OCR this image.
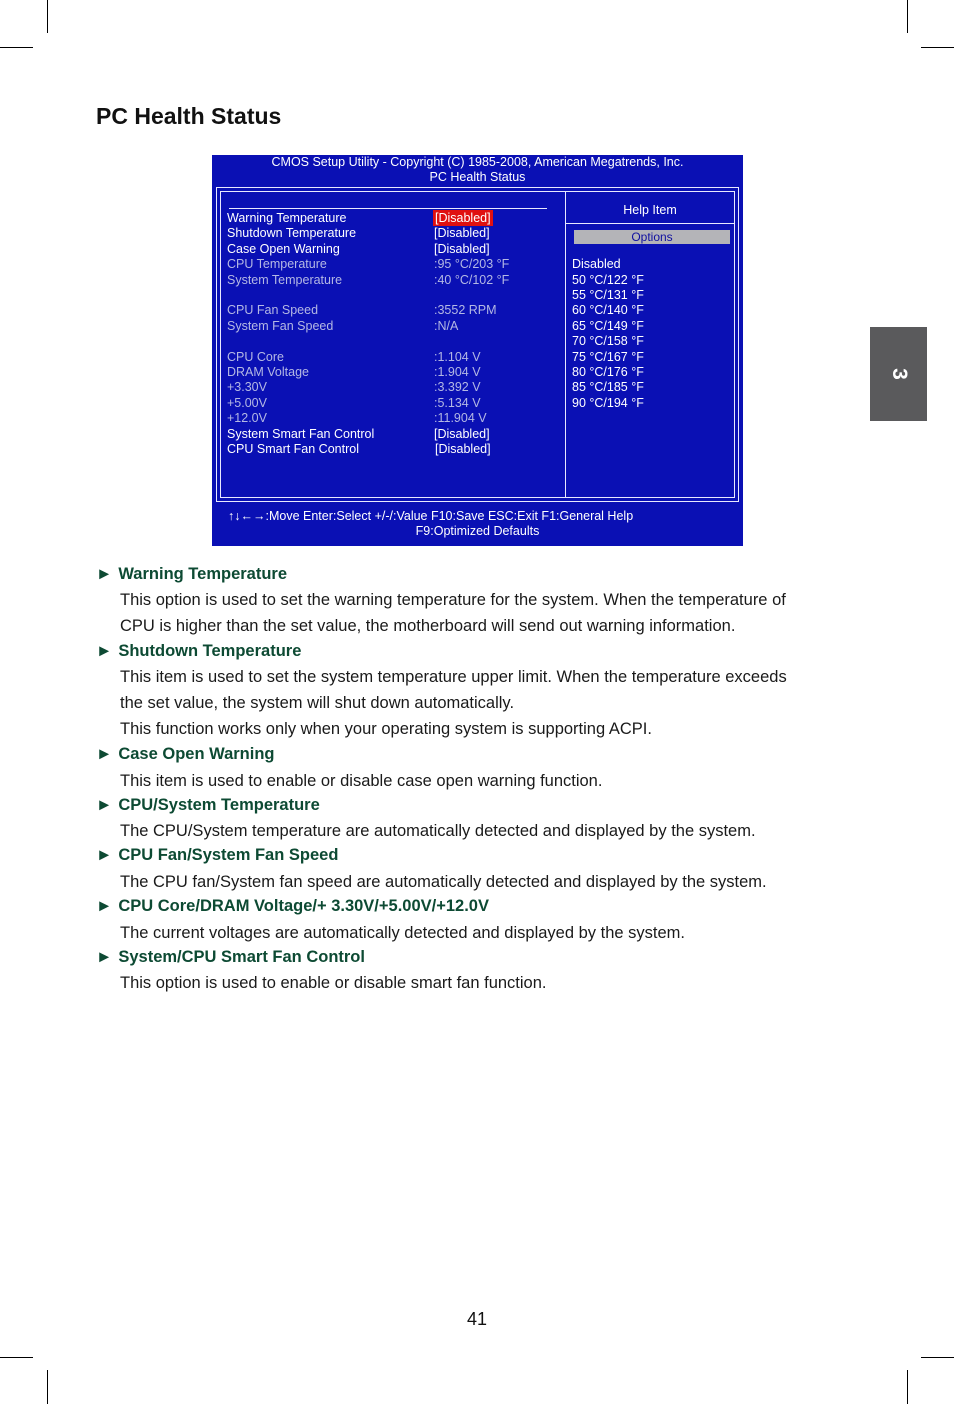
PC Health Status
3
CMOS Setup Utility - Copyright (C) 1985-2008, American Megatrends, Inc.
PC Health Status
Help Item
Options
Warning Temperature	[Disabled]
Shutdown Temperature	[Disabled]
Case Open Warning	[Disabled]
CPU Temperature	:95 °C/203 °F
System Temperature	:40 °C/102 °F
CPU Fan Speed	:3552 RPM
System Fan Speed	:N/A
CPU Core	:1.104 V
DRAM Voltage	:1.904 V
+3.30V	:3.392 V
+5.00V	:5.134 V
+12.0V	:11.904 V
System Smart Fan Control	[Disabled]
CPU Smart Fan Control	[Disabled]
Disabled
50 °C/122 °F
55 °C/131 °F
60 °C/140 °F
65 °C/149 °F
70 °C/158 °F
75 °C/167 °F
80 °C/176 °F
85 °C/185 °F
90 °C/194 °F
↑↓←→:Move Enter:Select +/-/:Value F10:Save ESC:Exit F1:General Help
F9:Optimized Defaults
► Warning Temperature
This option is used to set the warning temperature for the system. When the temperature of
CPU is higher than the set value, the motherboard will send out warning information.
► Shutdown Temperature
This item is used to set the system temperature upper limit. When the temperature exceeds
the set value, the system will shut down automatically.
This function works only when your operating system is supporting ACPI.
► Case Open Warning
This item is used to enable or disable case open warning function.
► CPU/System Temperature
The CPU/System temperature are automatically detected and displayed by the system.
► CPU Fan/System Fan Speed
The CPU fan/System fan speed are automatically detected and displayed by the system.
► CPU Core/DRAM Voltage/+ 3.30V/+5.00V/+12.0V
The current voltages are automatically detected and displayed by the system.
► System/CPU Smart Fan Control
This option is used to enable or disable smart fan function.
41
